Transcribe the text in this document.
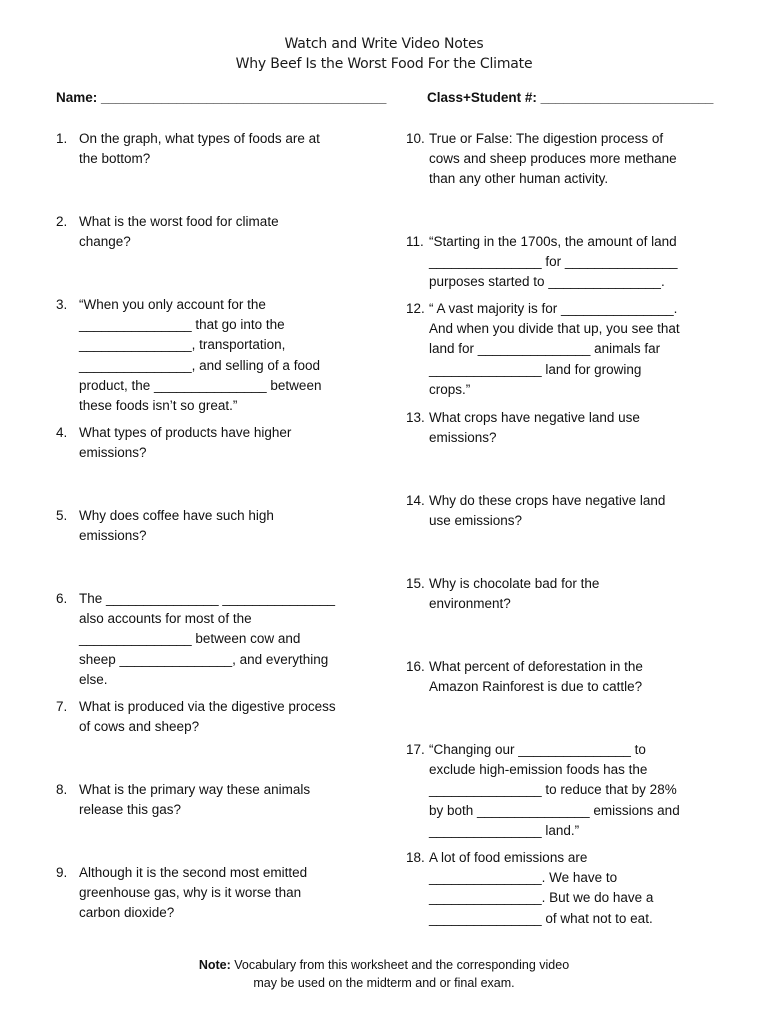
Watch and Write Video Notes
Why Beef Is the Worst Food For the Climate
Name: ______________________________________	Class+Student #: _______________________
1. On the graph, what types of foods are at
the bottom?
2. What is the worst food for climate
change?
3. “When you only account for the
_______________ that go into the
_______________, transportation,
_______________, and selling of a food
product, the _______________ between
these foods isn’t so great.”
4. What types of products have higher
emissions?
5. Why does coffee have such high
emissions?
6. The _______________ _______________
also accounts for most of the
_______________ between cow and
sheep _______________, and everything
else.
7. What is produced via the digestive process
of cows and sheep?
8. What is the primary way these animals
release this gas?
9. Although it is the second most emitted
greenhouse gas, why is it worse than
carbon dioxide?
10. True or False: The digestion process of
cows and sheep produces more methane
than any other human activity.
11. “Starting in the 1700s, the amount of land
_______________ for _______________
purposes started to _______________.
12. “ A vast majority is for _______________.
And when you divide that up, you see that
land for _______________ animals far
_______________ land for growing
crops.”
13. What crops have negative land use
emissions?
14. Why do these crops have negative land
use emissions?
15. Why is chocolate bad for the
environment?
16. What percent of deforestation in the
Amazon Rainforest is due to cattle?
17. “Changing our _______________ to
exclude high-emission foods has the
_______________ to reduce that by 28%
by both _______________ emissions and
_______________ land.”
18. A lot of food emissions are
_______________. We have to
_______________. But we do have a
_______________ of what not to eat.
Note: Vocabulary from this worksheet and the corresponding video
may be used on the midterm and or final exam.
